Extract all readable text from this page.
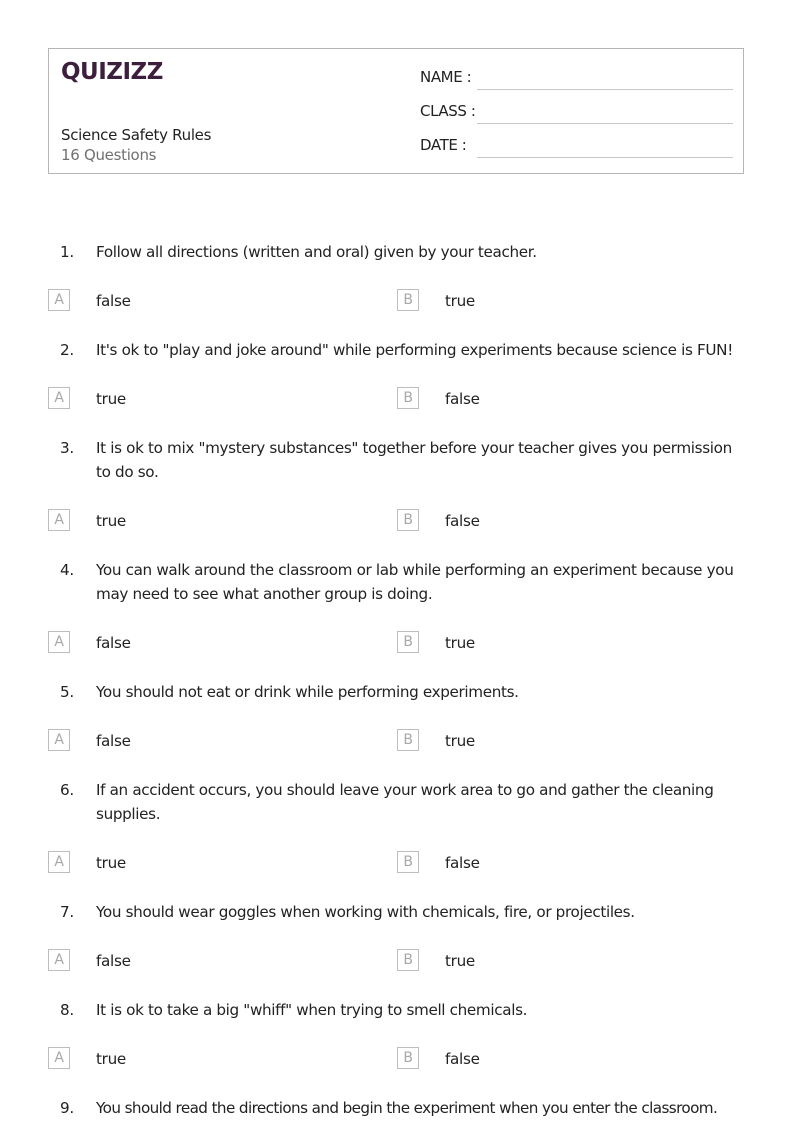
QUIZIZZ
Science Safety Rules
16 Questions
NAME :
CLASS :
DATE :
1. Follow all directions (written and oral) given by your teacher.
A	false	B	true
2. It's ok to "play and joke around" while performing experiments because science is FUN!
A	true	B	false
3. It is ok to mix "mystery substances" together before your teacher gives you permission to do so.
A	true	B	false
4. You can walk around the classroom or lab while performing an experiment because you may need to see what another group is doing.
A	false	B	true
5. You should not eat or drink while performing experiments.
A	false	B	true
6. If an accident occurs, you should leave your work area to go and gather the cleaning supplies.
A	true	B	false
7. You should wear goggles when working with chemicals, fire, or projectiles.
A	false	B	true
8. It is ok to take a big "whiff" when trying to smell chemicals.
A	true	B	false
9. You should read the directions and begin the experiment when you enter the classroom.
